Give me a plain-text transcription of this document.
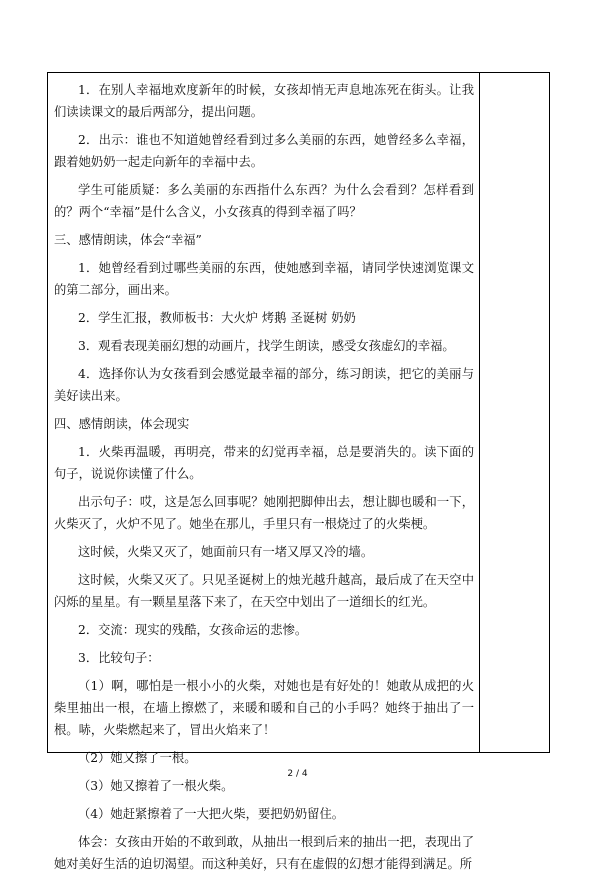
1．在别人幸福地欢度新年的时候，女孩却悄无声息地冻死在街头。让我们读读课文的最后两部分，提出问题。

2．出示：谁也不知道她曾经看到过多么美丽的东西，她曾经多么幸福，跟着她奶奶一起走向新年的幸福中去。

学生可能质疑：多么美丽的东西指什么东西？为什么会看到？怎样看到的？两个“幸福”是什么含义，小女孩真的得到幸福了吗？

三、感情朗读，体会“幸福”

1．她曾经看到过哪些美丽的东西，使她感到幸福，请同学快速浏览课文的第二部分，画出来。

2．学生汇报，教师板书：大火炉 烤鹅 圣诞树 奶奶

3．观看表现美丽幻想的动画片，找学生朗读，感受女孩虚幻的幸福。

4．选择你认为女孩看到会感觉最幸福的部分，练习朗读，把它的美丽与美好读出来。

四、感情朗读，体会现实

1．火柴再温暖，再明亮，带来的幻觉再幸福，总是要消失的。读下面的句子，说说你读懂了什么。

出示句子：哎，这是怎么回事呢？她刚把脚伸出去，想让脚也暖和一下，火柴灭了，火炉不见了。她坐在那儿，手里只有一根烧过了的火柴梗。

这时候，火柴又灭了，她面前只有一堵又厚又冷的墙。

这时候，火柴又灭了。只见圣诞树上的烛光越升越高，最后成了在天空中闪烁的星星。有一颗星星落下来了，在天空中划出了一道细长的红光。

2．交流：现实的残酷，女孩命运的悲惨。

3．比较句子：

（1）啊，哪怕是一根小小的火柴，对她也是有好处的！她敢从成把的火柴里抽出一根，在墙上擦燃了，来暖和暖和自己的小手吗？她终于抽出了一根。哧，火柴燃起来了，冒出火焰来了！

（2）她又擦了一根。

（3）她又擦着了一根火柴。

（4）她赶紧擦着了一大把火柴，要把奶奶留住。

体会：女孩由开始的不敢到敢，从抽出一根到后来的抽出一把，表现出了她对美好生活的迫切渴望。而这种美好，只有在虚假的幻想才能得到满足。所

2 / 4
